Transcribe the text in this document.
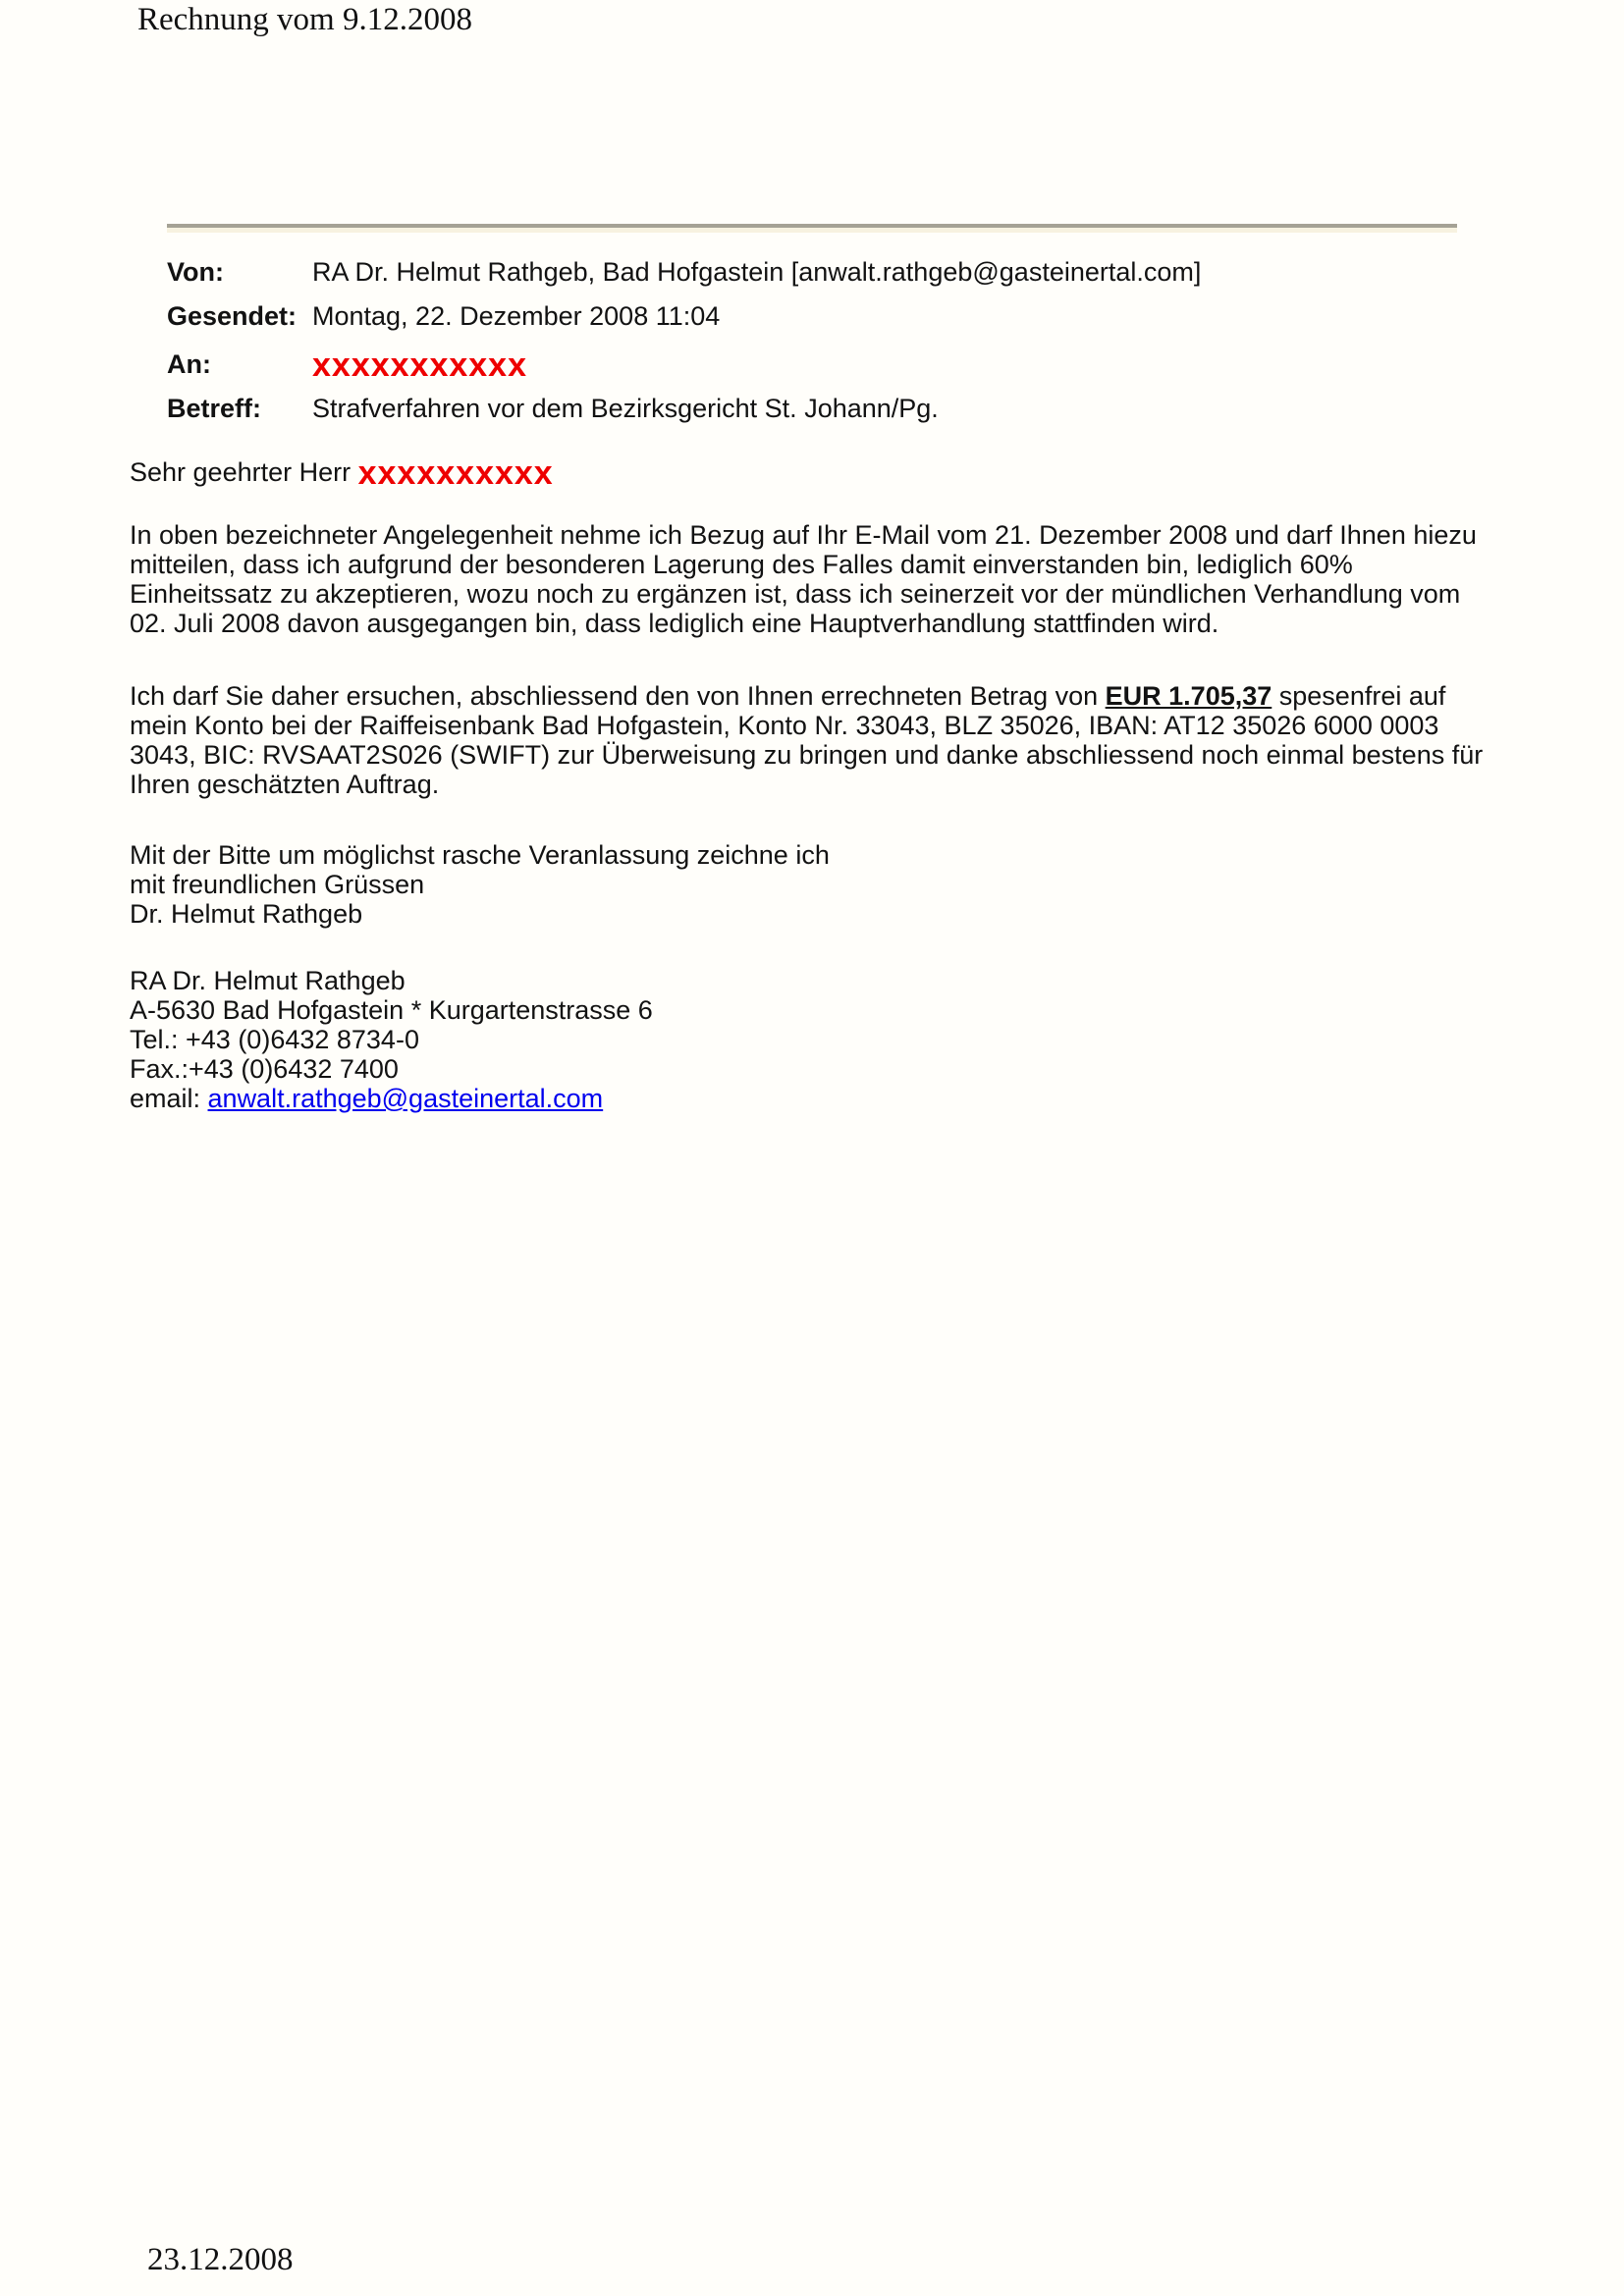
Rechnung vom 9.12.2008
Von:	RA Dr. Helmut Rathgeb, Bad Hofgastein [anwalt.rathgeb@gasteinertal.com]
Gesendet: Montag, 22. Dezember 2008 11:04
An:	xxxxxxxxxxx
Betreff:	Strafverfahren vor dem Bezirksgericht St. Johann/Pg.
Sehr geehrter Herr xxxxxxxxxx
In oben bezeichneter Angelegenheit nehme ich Bezug auf Ihr E-Mail vom 21. Dezember 2008 und darf Ihnen hiezu mitteilen, dass ich aufgrund der besonderen Lagerung des Falles damit einverstanden bin, lediglich 60% Einheitssatz zu akzeptieren, wozu noch zu ergänzen ist, dass ich seinerzeit vor der mündlichen Verhandlung vom 02. Juli 2008 davon ausgegangen bin, dass lediglich eine Hauptverhandlung stattfinden wird.
Ich darf Sie daher ersuchen, abschliessend den von Ihnen errechneten Betrag von EUR 1.705,37 spesenfrei auf mein Konto bei der Raiffeisenbank Bad Hofgastein, Konto Nr. 33043, BLZ 35026, IBAN: AT12 35026 6000 0003 3043, BIC: RVSAAT2S026 (SWIFT) zur Überweisung zu bringen und danke abschliessend noch einmal bestens für Ihren geschätzten Auftrag.
Mit der Bitte um möglichst rasche Veranlassung zeichne ich
mit freundlichen Grüssen
Dr. Helmut Rathgeb
RA Dr. Helmut Rathgeb
A-5630 Bad Hofgastein * Kurgartenstrasse 6
Tel.: +43 (0)6432 8734-0
Fax.:+43 (0)6432 7400
email: anwalt.rathgeb@gasteinertal.com
23.12.2008
